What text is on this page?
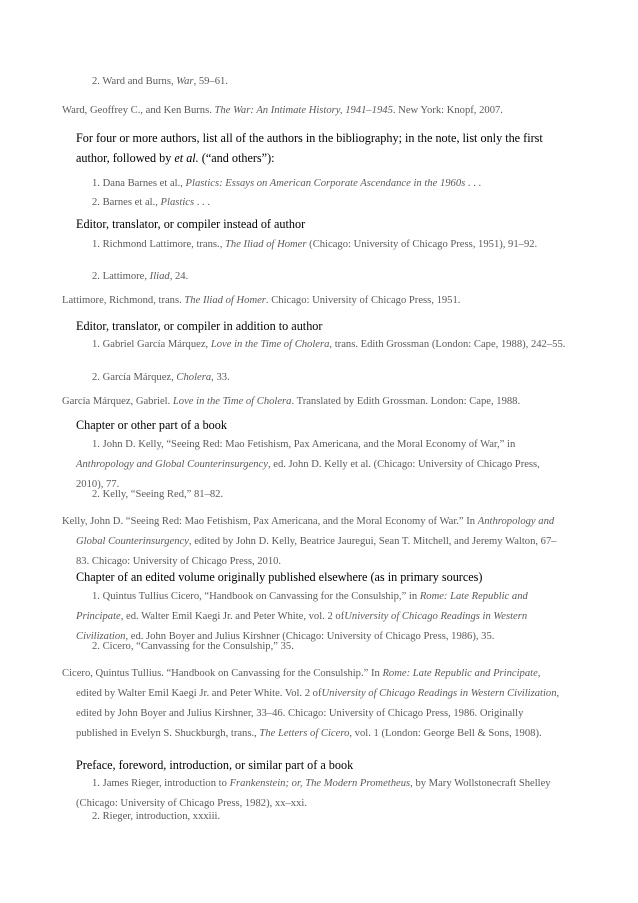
2. Ward and Burns, War, 59–61.

Ward, Geoffrey C., and Ken Burns. The War: An Intimate History, 1941–1945. New York: Knopf, 2007.

For four or more authors, list all of the authors in the bibliography; in the note, list only the first author, followed by et al. (“and others”):

1. Dana Barnes et al., Plastics: Essays on American Corporate Ascendance in the 1960s . . .

2. Barnes et al., Plastics . . .

Editor, translator, or compiler instead of author

1. Richmond Lattimore, trans., The Iliad of Homer (Chicago: University of Chicago Press, 1951), 91–92.

2. Lattimore, Iliad, 24.

Lattimore, Richmond, trans. The Iliad of Homer. Chicago: University of Chicago Press, 1951.

Editor, translator, or compiler in addition to author

1. Gabriel García Márquez, Love in the Time of Cholera, trans. Edith Grossman (London: Cape, 1988), 242–55.

2. García Márquez, Cholera, 33.

García Márquez, Gabriel. Love in the Time of Cholera. Translated by Edith Grossman. London: Cape, 1988.

Chapter or other part of a book

1. John D. Kelly, “Seeing Red: Mao Fetishism, Pax Americana, and the Moral Economy of War,” in Anthropology and Global Counterinsurgency, ed. John D. Kelly et al. (Chicago: University of Chicago Press, 2010), 77.

2. Kelly, “Seeing Red,” 81–82.

Kelly, John D. “Seeing Red: Mao Fetishism, Pax Americana, and the Moral Economy of War.” In Anthropology and Global Counterinsurgency, edited by John D. Kelly, Beatrice Jauregui, Sean T. Mitchell, and Jeremy Walton, 67–83. Chicago: University of Chicago Press, 2010.

Chapter of an edited volume originally published elsewhere (as in primary sources)

1. Quintus Tullius Cicero, “Handbook on Canvassing for the Consulship,” in Rome: Late Republic and Principate, ed. Walter Emil Kaegi Jr. and Peter White, vol. 2 ofUniversity of Chicago Readings in Western Civilization, ed. John Boyer and Julius Kirshner (Chicago: University of Chicago Press, 1986), 35.

2. Cicero, “Canvassing for the Consulship,” 35.

Cicero, Quintus Tullius. “Handbook on Canvassing for the Consulship.” In Rome: Late Republic and Principate, edited by Walter Emil Kaegi Jr. and Peter White. Vol. 2 ofUniversity of Chicago Readings in Western Civilization, edited by John Boyer and Julius Kirshner, 33–46. Chicago: University of Chicago Press, 1986. Originally published in Evelyn S. Shuckburgh, trans., The Letters of Cicero, vol. 1 (London: George Bell & Sons, 1908).

Preface, foreword, introduction, or similar part of a book

1. James Rieger, introduction to Frankenstein; or, The Modern Prometheus, by Mary Wollstonecraft Shelley (Chicago: University of Chicago Press, 1982), xx–xxi.

2. Rieger, introduction, xxxiii.
